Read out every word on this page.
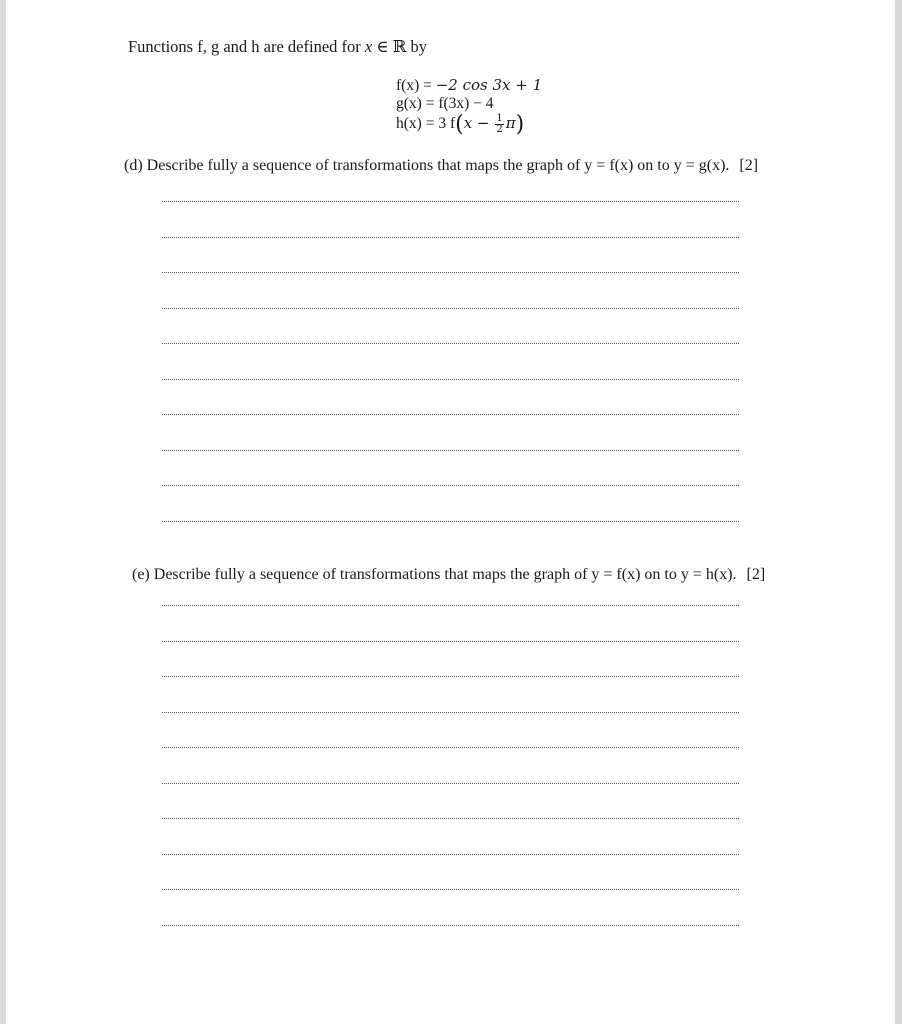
Functions f, g and h are defined for x ∈ ℝ by
f(x) = −2 cos 3x + 1
g(x) = f(3x) − 4
h(x) = 3 $f(x - \frac{1}{2} \pi)$
(d) Describe fully a sequence of transformations that maps the graph of y = f(x) on to y = g(x). [2]
(e) Describe fully a sequence of transformations that maps the graph of y = f(x) on to y = h(x). [2]
